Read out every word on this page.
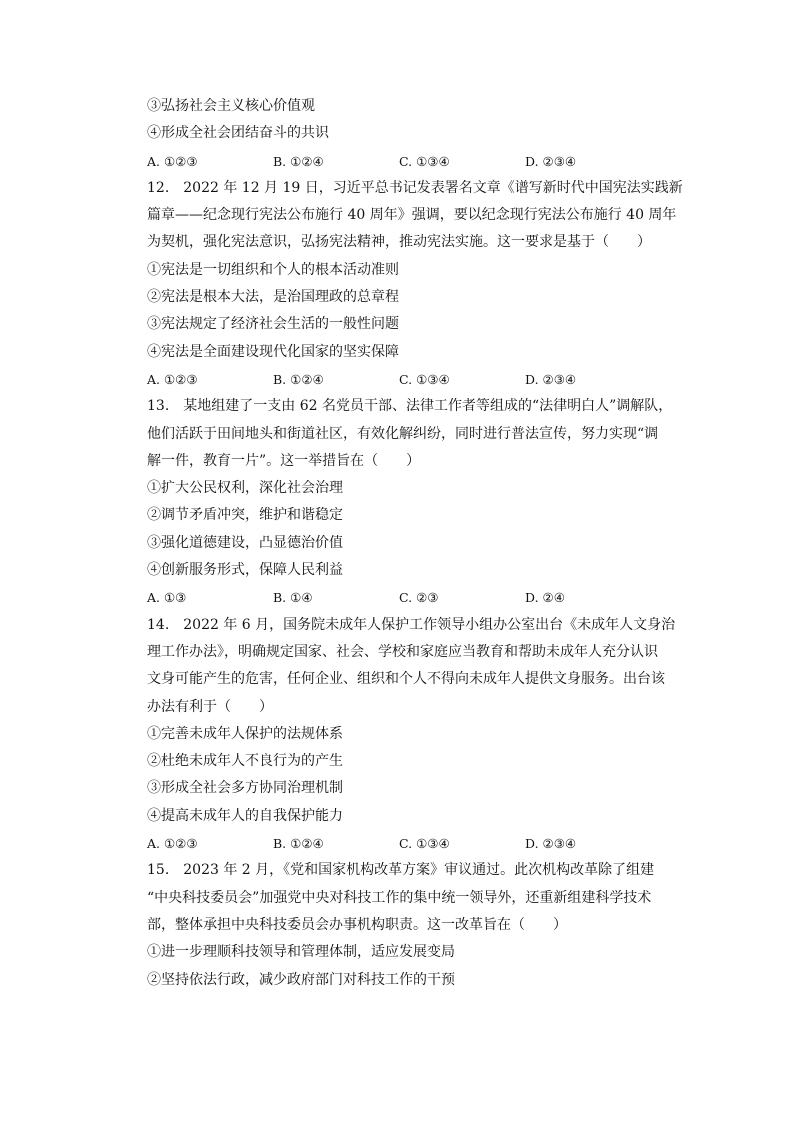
③弘扬社会主义核心价值观
④形成全社会团结奋斗的共识
A. ①②③	B. ①②④	C. ①③④	D. ②③④
12.　2022 年 12 月 19 日，习近平总书记发表署名文章《谱写新时代中国宪法实践新
篇章——纪念现行宪法公布施行 40 周年》强调，要以纪念现行宪法公布施行 40 周年
为契机，强化宪法意识，弘扬宪法精神，推动宪法实施。这一要求是基于（　　）
①宪法是一切组织和个人的根本活动准则
②宪法是根本大法，是治国理政的总章程
③宪法规定了经济社会生活的一般性问题
④宪法是全面建设现代化国家的坚实保障
A. ①②③	B. ①②④	C. ①③④	D. ②③④
13.　某地组建了一支由 62 名党员干部、法律工作者等组成的“法律明白人”调解队，
他们活跃于田间地头和街道社区，有效化解纠纷，同时进行普法宣传，努力实现“调
解一件，教育一片”。这一举措旨在（　　）
①扩大公民权利，深化社会治理
②调节矛盾冲突，维护和谐稳定
③强化道德建设，凸显德治价值
④创新服务形式，保障人民利益
A. ①③	B. ①④	C. ②③	D. ②④
14.　2022 年 6 月，国务院未成年人保护工作领导小组办公室出台《未成年人文身治
理工作办法》，明确规定国家、社会、学校和家庭应当教育和帮助未成年人充分认识
文身可能产生的危害，任何企业、组织和个人不得向未成年人提供文身服务。出台该
办法有利于（　　）
①完善未成年人保护的法规体系
②杜绝未成年人不良行为的产生
③形成全社会多方协同治理机制
④提高未成年人的自我保护能力
A. ①②③	B. ①②④	C. ①③④	D. ②③④
15.　2023 年 2 月，《党和国家机构改革方案》审议通过。此次机构改革除了组建
“中央科技委员会”加强党中央对科技工作的集中统一领导外，还重新组建科学技术
部，整体承担中央科技委员会办事机构职责。这一改革旨在（　　）
①进一步理顺科技领导和管理体制，适应发展变局
②坚持依法行政，减少政府部门对科技工作的干预
